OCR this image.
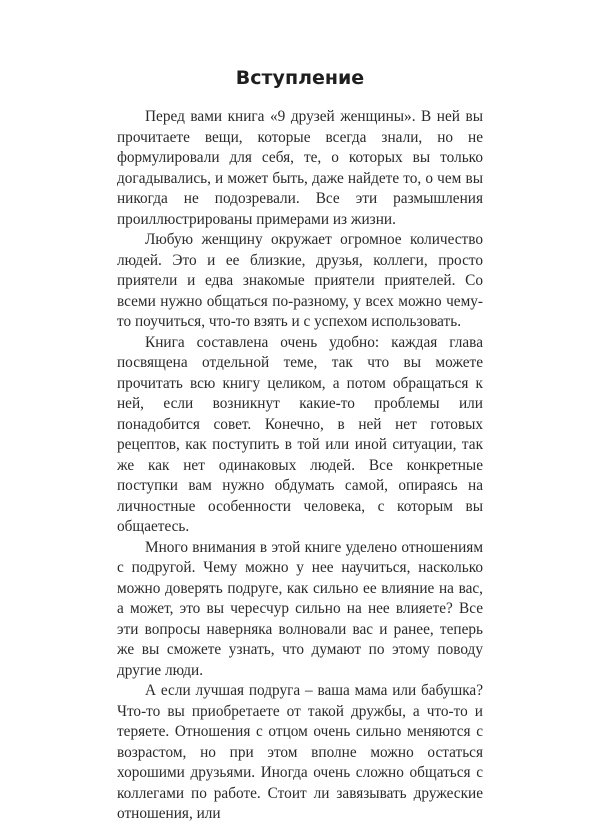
Вступление

Перед вами книга «9 друзей женщины». В ней вы прочитаете вещи, которые всегда знали, но не формулировали для себя, те, о которых вы только догадывались, и может быть, даже найдете то, о чем вы никогда не подозревали. Все эти размышления проиллюстрированы примерами из жизни.

Любую женщину окружает огромное количество людей. Это и ее близкие, друзья, коллеги, просто приятели и едва знакомые приятели приятелей. Со всеми нужно общаться по-разному, у всех можно чему-то поучиться, что-то взять и с успехом использовать.

Книга составлена очень удобно: каждая глава посвящена отдельной теме, так что вы можете прочитать всю книгу целиком, а потом обращаться к ней, если возникнут какие-то проблемы или понадобится совет. Конечно, в ней нет готовых рецептов, как поступить в той или иной ситуации, так же как нет одинаковых людей. Все конкретные поступки вам нужно обдумать самой, опираясь на личностные особенности человека, с которым вы общаетесь.

Много внимания в этой книге уделено отношениям с подругой. Чему можно у нее научиться, насколько можно доверять подруге, как сильно ее влияние на вас, а может, это вы чересчур сильно на нее влияете? Все эти вопросы наверняка волновали вас и ранее, теперь же вы сможете узнать, что думают по этому поводу другие люди.

А если лучшая подруга – ваша мама или бабушка? Что-то вы приобретаете от такой дружбы, а что-то и теряете. Отношения с отцом очень сильно меняются с возрастом, но при этом вполне можно остаться хорошими друзьями. Иногда очень сложно общаться с коллегами по работе. Стоит ли завязывать дружеские отношения, или
